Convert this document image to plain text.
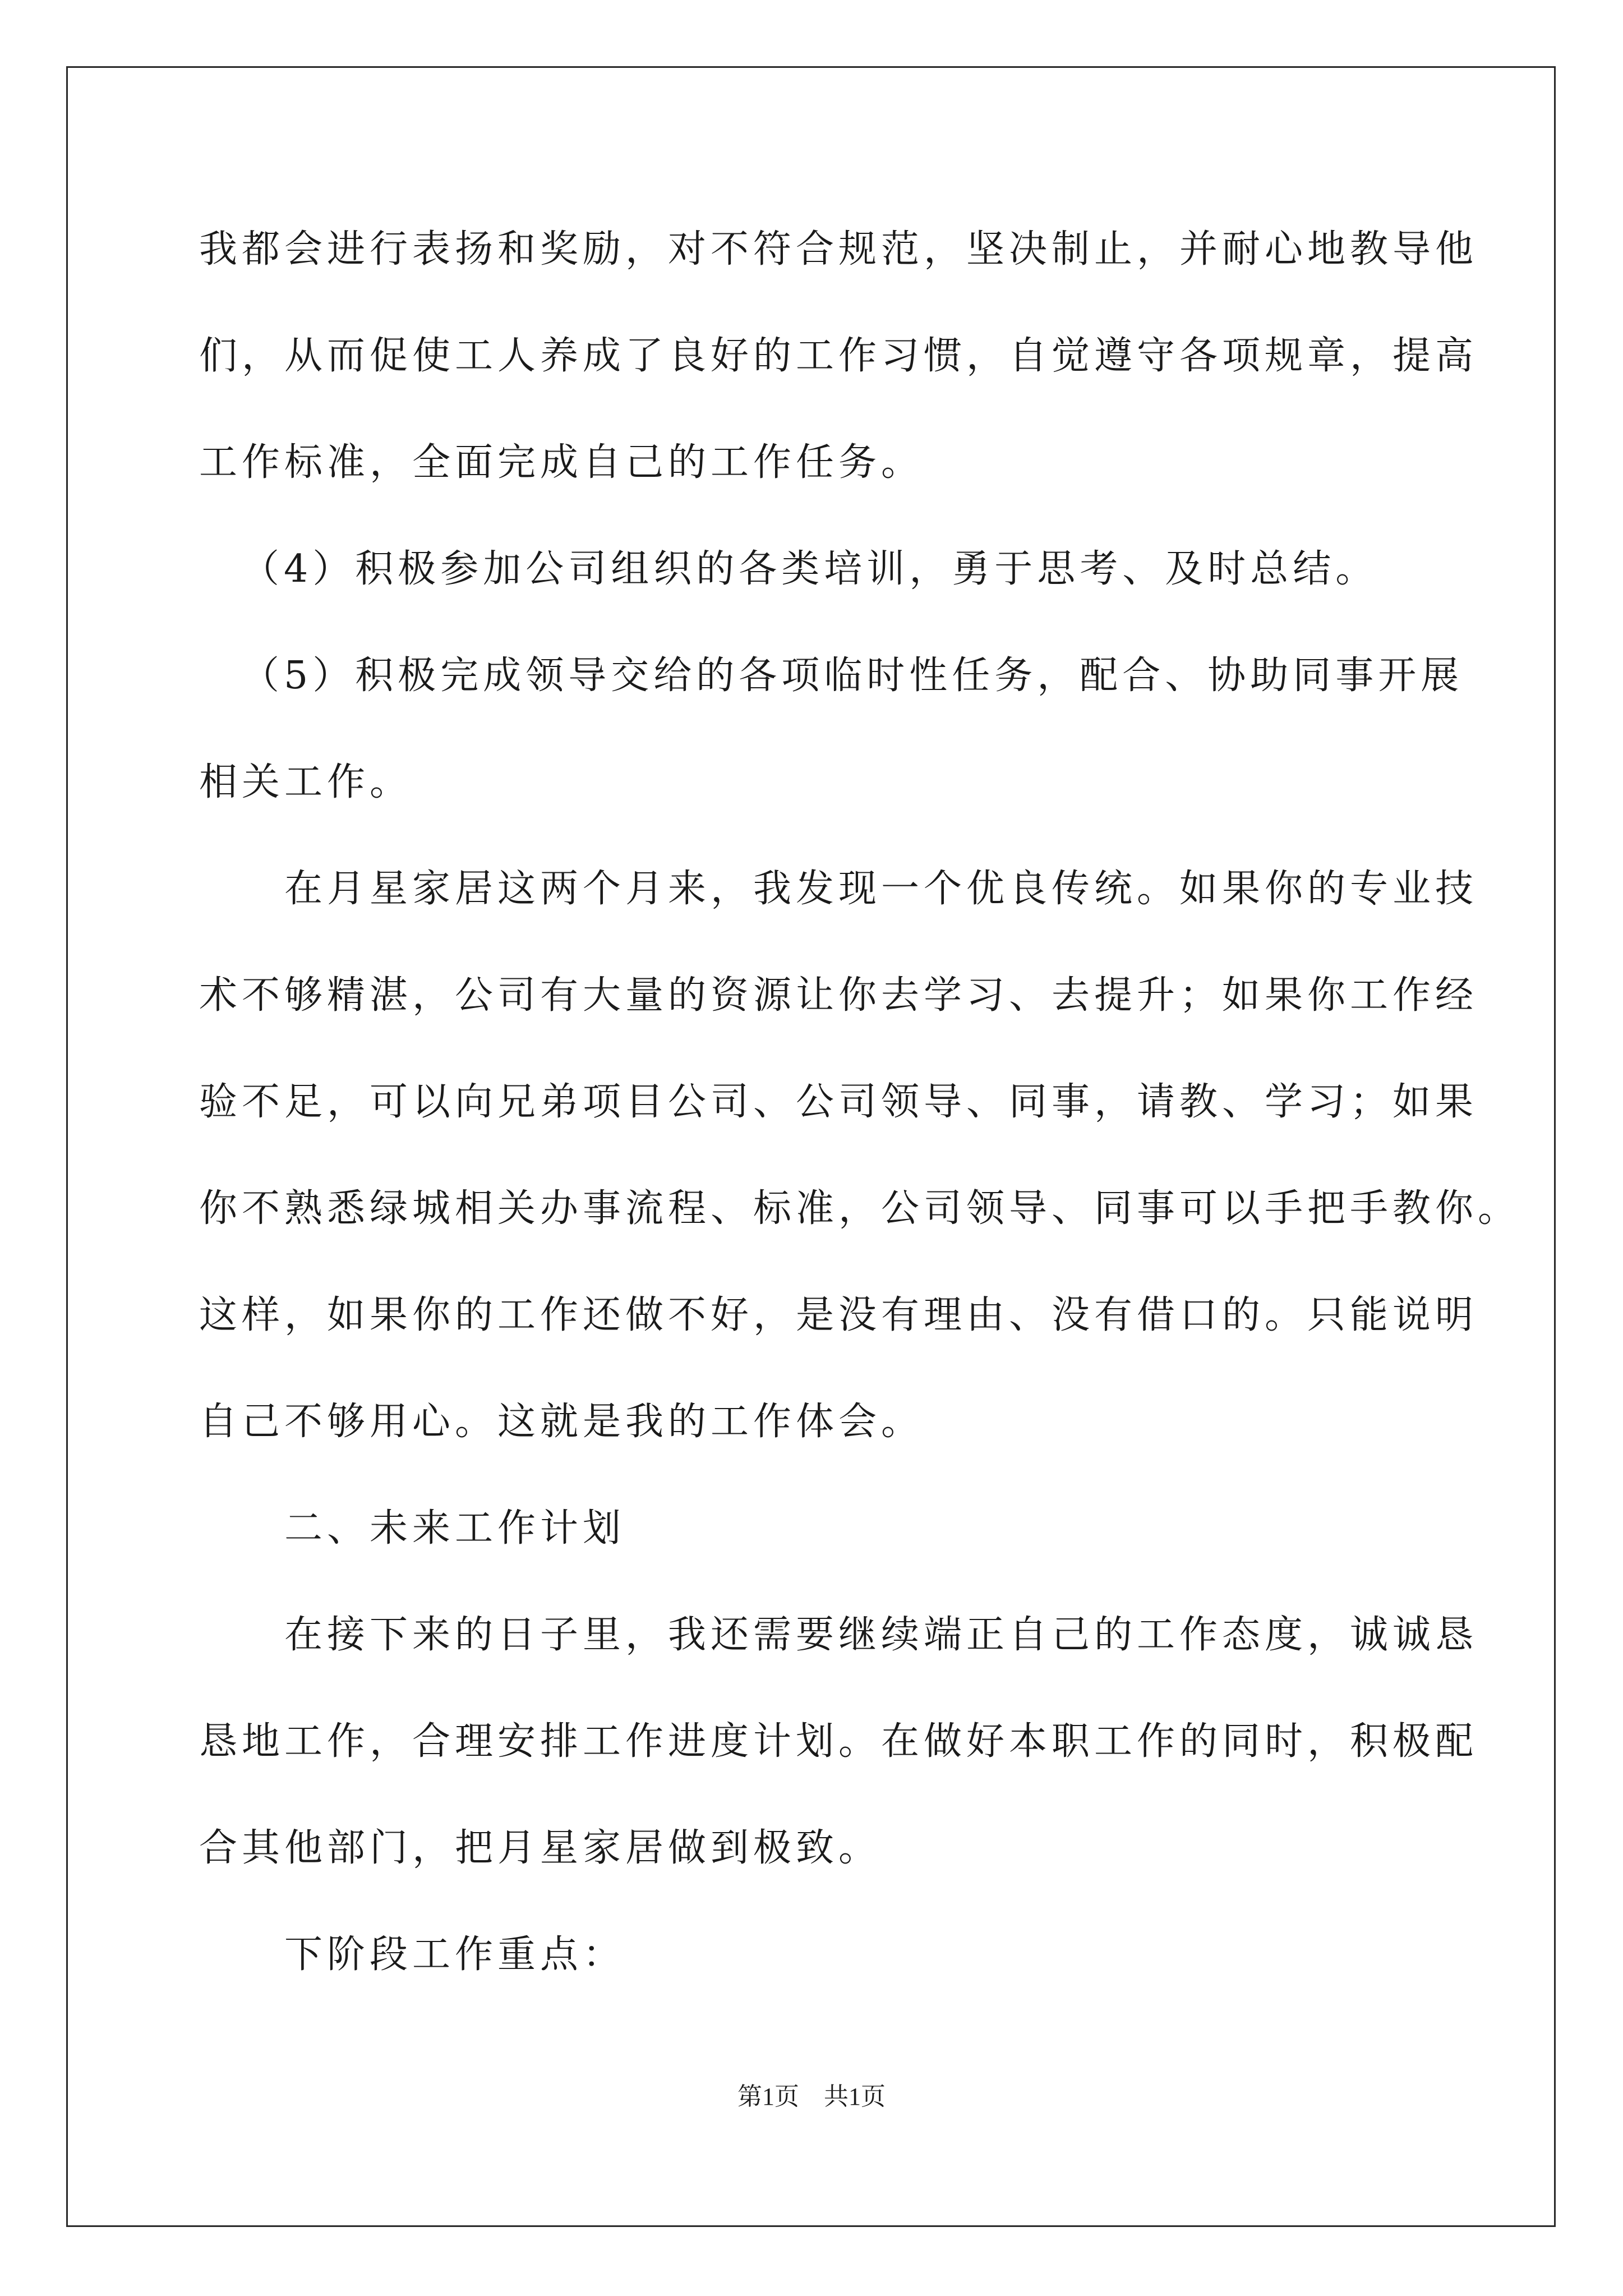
我都会进行表扬和奖励，对不符合规范，坚决制止，并耐心地教导他
们，从而促使工人养成了良好的工作习惯，自觉遵守各项规章，提高
工作标准，全面完成自己的工作任务。
（4）积极参加公司组织的各类培训，勇于思考、及时总结。
（5）积极完成领导交给的各项临时性任务，配合、协助同事开展
相关工作。
在月星家居这两个月来，我发现一个优良传统。如果你的专业技
术不够精湛，公司有大量的资源让你去学习、去提升；如果你工作经
验不足，可以向兄弟项目公司、公司领导、同事，请教、学习；如果
你不熟悉绿城相关办事流程、标准，公司领导、同事可以手把手教你。
这样，如果你的工作还做不好，是没有理由、没有借口的。只能说明
自己不够用心。这就是我的工作体会。
二、未来工作计划
在接下来的日子里，我还需要继续端正自己的工作态度，诚诚恳
恳地工作，合理安排工作进度计划。在做好本职工作的同时，积极配
合其他部门，把月星家居做到极致。
下阶段工作重点：
第1页　共1页
